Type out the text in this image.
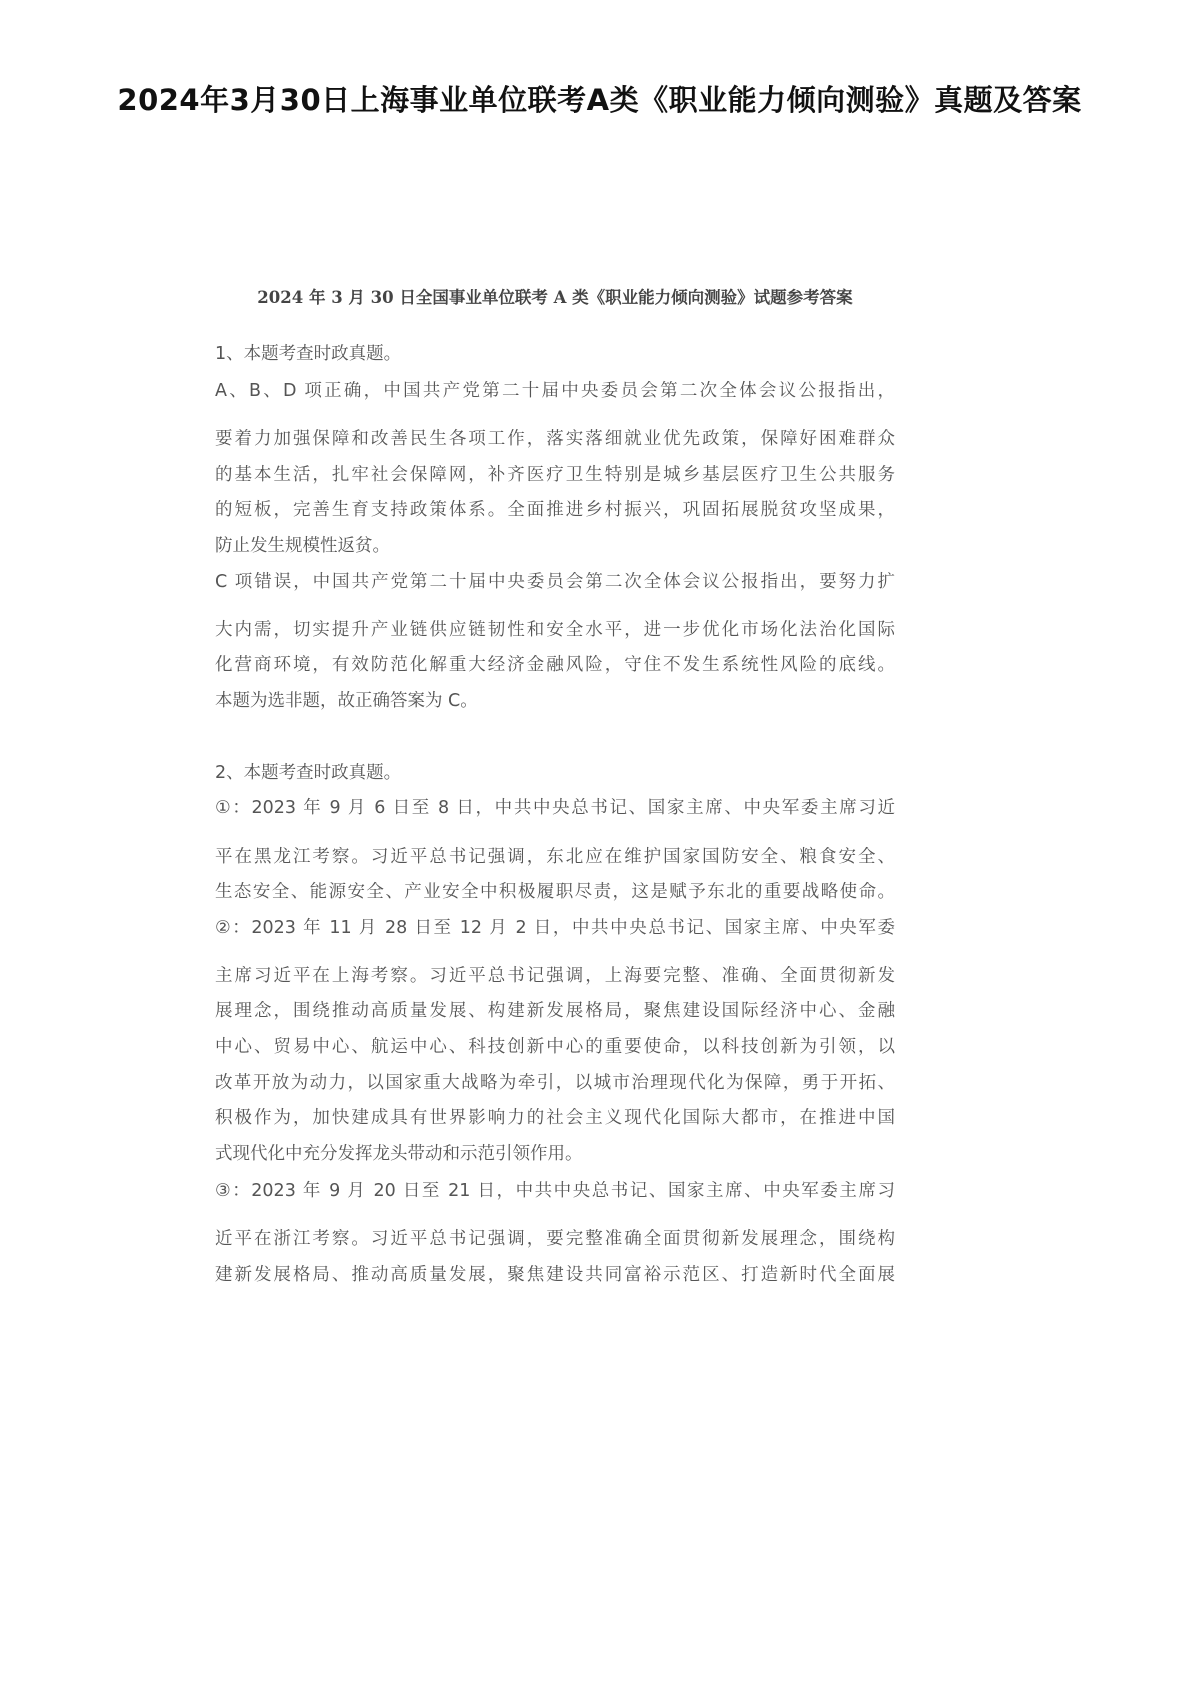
2024年3月30日上海事业单位联考A类《职业能力倾向测验》真题及答案
2024 年 3 月 30 日全国事业单位联考 A 类《职业能力倾向测验》试题参考答案
1、本题考查时政真题。
A、B、D 项正确，中国共产党第二十届中央委员会第二次全体会议公报指出，
要着力加强保障和改善民生各项工作，落实落细就业优先政策，保障好困难群众
的基本生活，扎牢社会保障网，补齐医疗卫生特别是城乡基层医疗卫生公共服务
的短板，完善生育支持政策体系。全面推进乡村振兴，巩固拓展脱贫攻坚成果，
防止发生规模性返贫。
C 项错误，中国共产党第二十届中央委员会第二次全体会议公报指出，要努力扩
大内需，切实提升产业链供应链韧性和安全水平，进一步优化市场化法治化国际
化营商环境，有效防范化解重大经济金融风险，守住不发生系统性风险的底线。
本题为选非题，故正确答案为 C。
2、本题考查时政真题。
①：2023 年 9 月 6 日至 8 日，中共中央总书记、国家主席、中央军委主席习近
平在黑龙江考察。习近平总书记强调，东北应在维护国家国防安全、粮食安全、
生态安全、能源安全、产业安全中积极履职尽责，这是赋予东北的重要战略使命。
②：2023 年 11 月 28 日至 12 月 2 日，中共中央总书记、国家主席、中央军委
主席习近平在上海考察。习近平总书记强调，上海要完整、准确、全面贯彻新发
展理念，围绕推动高质量发展、构建新发展格局，聚焦建设国际经济中心、金融
中心、贸易中心、航运中心、科技创新中心的重要使命，以科技创新为引领，以
改革开放为动力，以国家重大战略为牵引，以城市治理现代化为保障，勇于开拓、
积极作为，加快建成具有世界影响力的社会主义现代化国际大都市，在推进中国
式现代化中充分发挥龙头带动和示范引领作用。
③：2023 年 9 月 20 日至 21 日，中共中央总书记、国家主席、中央军委主席习
近平在浙江考察。习近平总书记强调，要完整准确全面贯彻新发展理念，围绕构
建新发展格局、推动高质量发展，聚焦建设共同富裕示范区、打造新时代全面展
